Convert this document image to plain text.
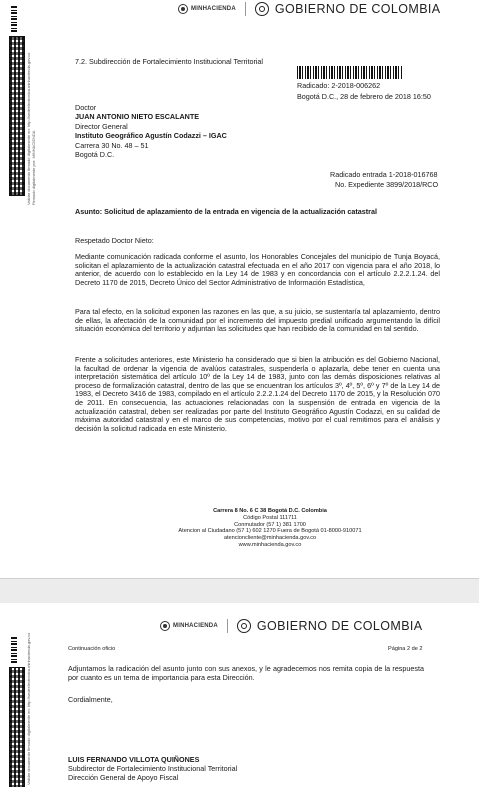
Validar documento firmado digitalmente en: http://sedeelectronica.minhacienda.gov.co Firmado digitalmente por: MINHACIENDA
MINHACIENDA	GOBIERNO DE COLOMBIA
7.2. Subdirección de Fortalecimiento Institucional Territorial
Radicado: 2-2018-006262
Bogotá D.C., 28 de febrero de 2018 16:50
Doctor
JUAN ANTONIO NIETO ESCALANTE
Director General
Instituto Geográfico Agustín Codazzi – IGAC
Carrera 30 No. 48 – 51
Bogotá D.C.
Radicado entrada 1-2018-016768
No. Expediente 3899/2018/RCO
Asunto: Solicitud de aplazamiento de la entrada en vigencia de la actualización catastral
Respetado Doctor Nieto:
Mediante comunicación radicada conforme el asunto, los Honorables Concejales del municipio de Tunja Boyacá, solicitan el aplazamiento de la actualización catastral efectuada en el año 2017 con vigencia para el año 2018, lo anterior, de acuerdo con lo establecido en la Ley 14 de 1983 y en concordancia con el artículo 2.2.2.1.24. del Decreto 1170 de 2015, Decreto Único del Sector Administrativo de Información Estadística,
Para tal efecto, en la solicitud exponen las razones en las que, a su juicio, se sustentaría tal aplazamiento, dentro de ellas, la afectación de la comunidad por el incremento del impuesto predial unificado argumentando la difícil situación económica del territorio y adjuntan las solicitudes que han recibido de la comunidad en tal sentido.
Frente a solicitudes anteriores, este Ministerio ha considerado que si bien la atribución es del Gobierno Nacional, la facultad de ordenar la vigencia de avalúos catastrales, suspenderla o aplazarla, debe tener en cuenta una interpretación sistemática del artículo 10º de la Ley 14 de 1983, junto con las demás disposiciones relativas al proceso de formalización catastral, dentro de las que se encuentran los artículos 3º, 4º, 5º, 6º y 7º de la Ley 14 de 1983, el Decreto 3416 de 1983, compilado en el artículo 2.2.2.1.24 del Decreto 1170 de 2015, y la Resolución 070 de 2011. En consecuencia, las actuaciones relacionadas con la suspensión de entrada en vigencia de la actualización catastral, deben ser realizadas por parte del Instituto Geográfico Agustín Codazzi, en su calidad de máxima autoridad catastral y en el marco de sus competencias, motivo por el cual remitimos para el análisis y decisión la solicitud radicada en este Ministerio.
Carrera 8 No. 6 C 38 Bogotá D.C. Colombia
Código Postal 111711
Conmutador (57 1) 381 1700
Atencion al Ciudadano (57 1) 602 1270 Fuera de Bogotá 01-8000-910071
atencioncliente@minhacienda.gov.co
www.minhacienda.gov.co
Validar documento firmado digitalmente en: http://sedeelectronica.minhacienda.gov.co
MINHACIENDA	GOBIERNO DE COLOMBIA
Continuación oficio	Página 2 de 2
Adjuntamos la radicación del asunto junto con sus anexos, y le agradecemos nos remita copia de la respuesta por cuanto es un tema de importancia para esta Dirección.
Cordialmente,
LUIS FERNANDO VILLOTA QUIÑONES
Subdirector de Fortalecimiento Institucional Territorial
Dirección General de Apoyo Fiscal
